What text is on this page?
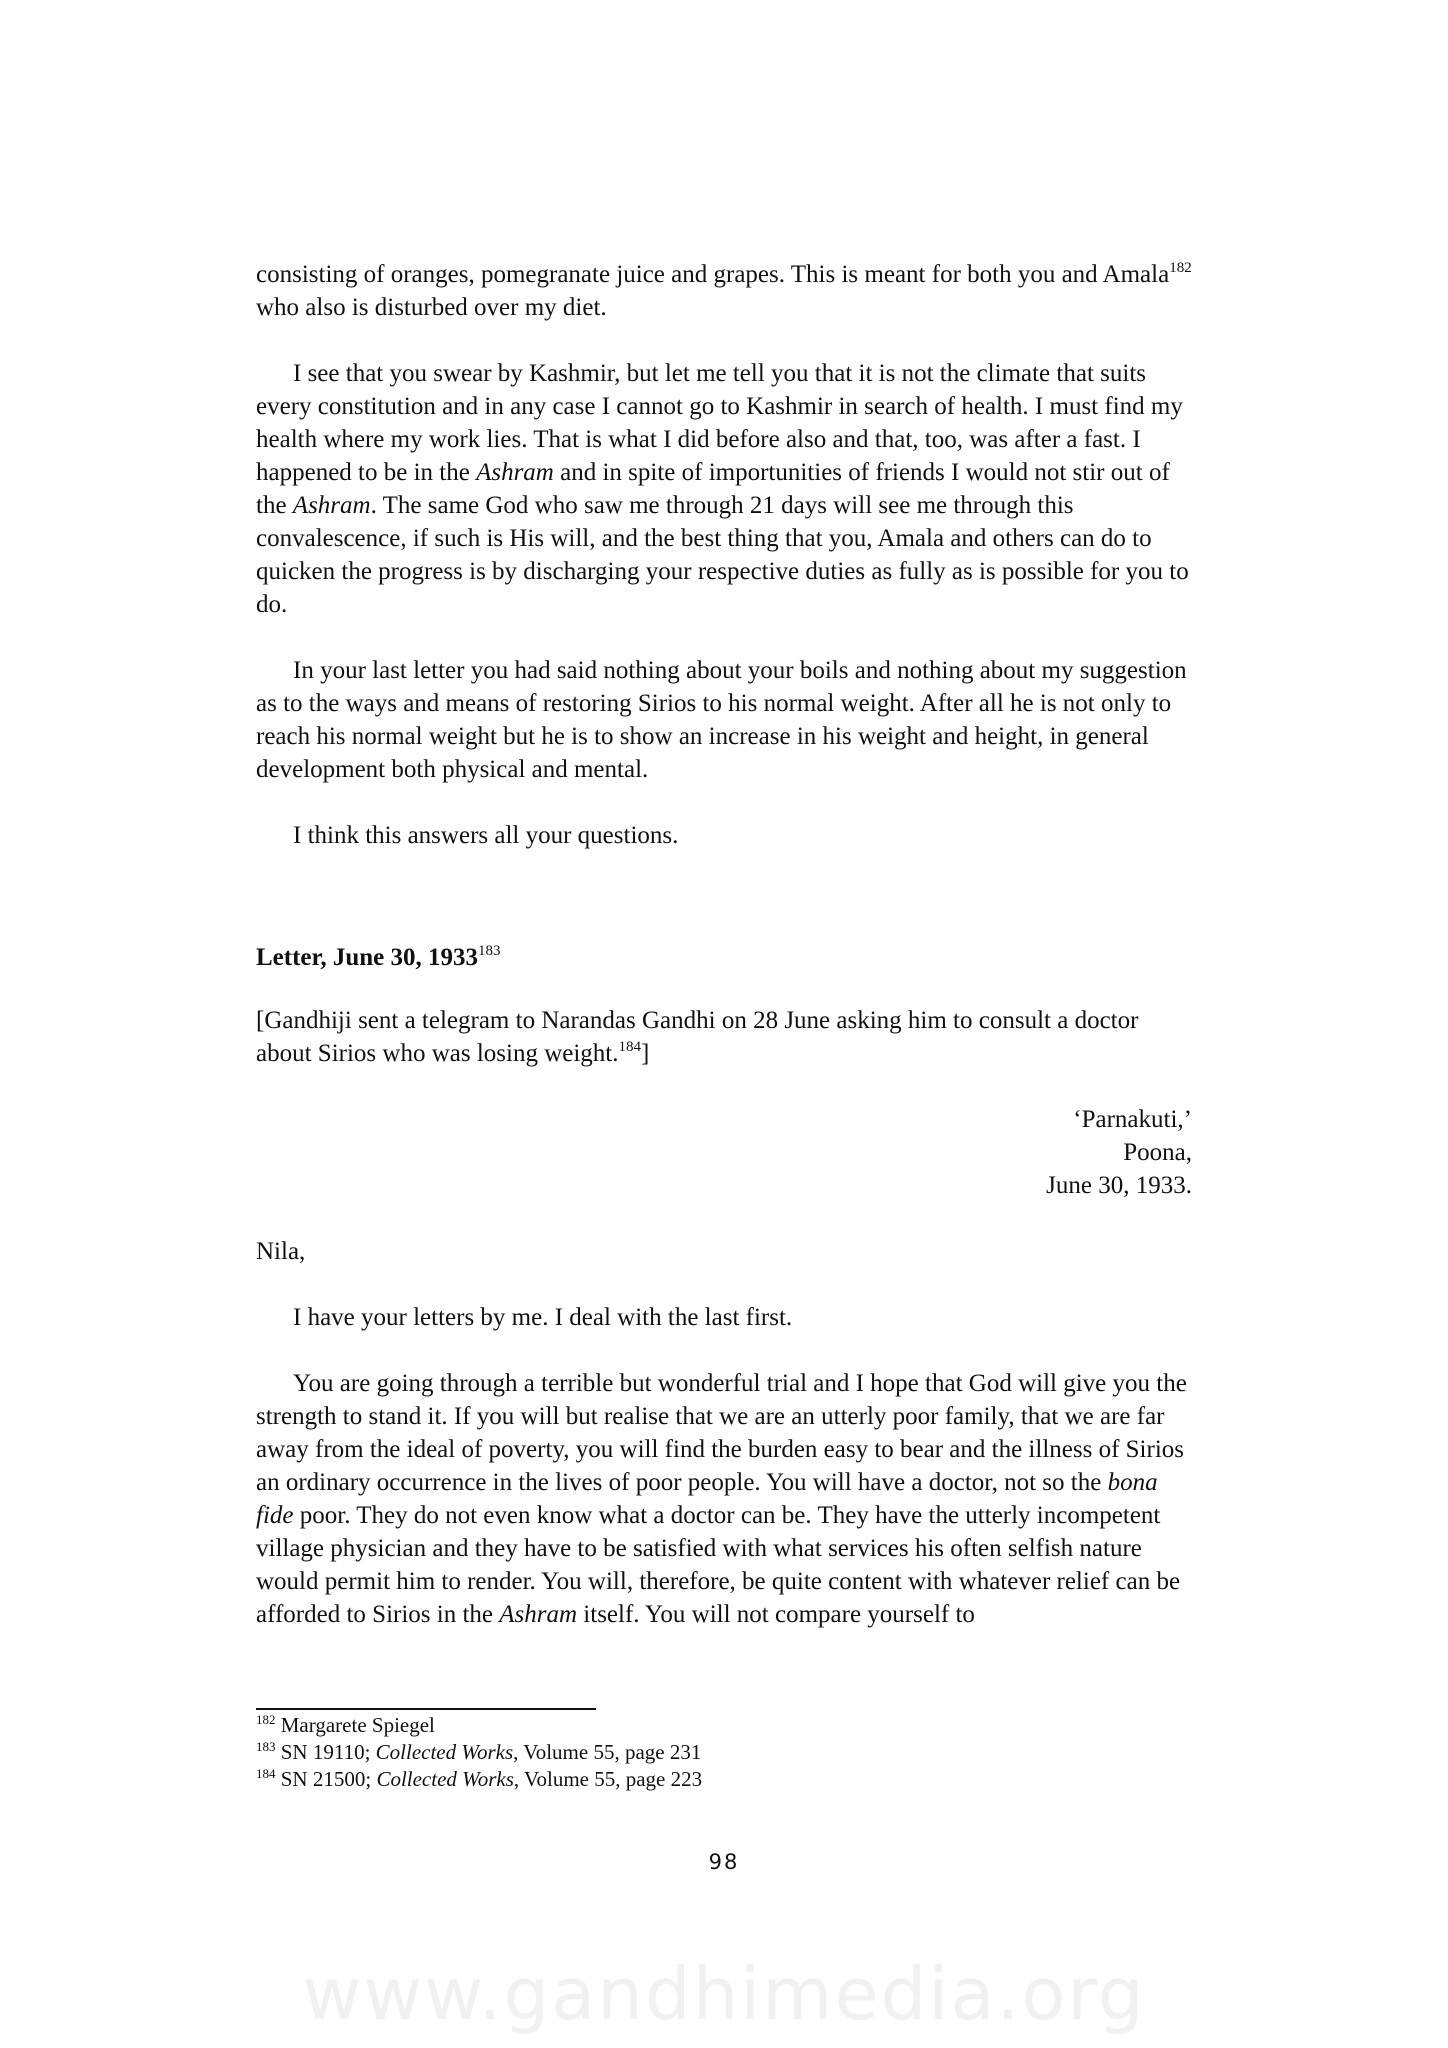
consisting of oranges, pomegranate juice and grapes. This is meant for both you and Amala$^{182}$ who also is disturbed over my diet.

I see that you swear by Kashmir, but let me tell you that it is not the climate that suits every constitution and in any case I cannot go to Kashmir in search of health. I must find my health where my work lies. That is what I did before also and that, too, was after a fast. I happened to be in the Ashram and in spite of importunities of friends I would not stir out of the Ashram. The same God who saw me through 21 days will see me through this convalescence, if such is His will, and the best thing that you, Amala and others can do to quicken the progress is by discharging your respective duties as fully as is possible for you to do.

In your last letter you had said nothing about your boils and nothing about my suggestion as to the ways and means of restoring Sirios to his normal weight. After all he is not only to reach his normal weight but he is to show an increase in his weight and height, in general development both physical and mental.

I think this answers all your questions.

Letter, June 30, 1933$^{183}$

[Gandhiji sent a telegram to Narandas Gandhi on 28 June asking him to consult a doctor about Sirios who was losing weight.$^{184}$]

‘Parnakuti,’
Poona,
June 30, 1933.

Nila,

I have your letters by me. I deal with the last first.

You are going through a terrible but wonderful trial and I hope that God will give you the strength to stand it. If you will but realise that we are an utterly poor family, that we are far away from the ideal of poverty, you will find the burden easy to bear and the illness of Sirios an ordinary occurrence in the lives of poor people. You will have a doctor, not so the bona fide poor. They do not even know what a doctor can be. They have the utterly incompetent village physician and they have to be satisfied with what services his often selfish nature would permit him to render. You will, therefore, be quite content with whatever relief can be afforded to Sirios in the Ashram itself. You will not compare yourself to

$^{182}$ Margarete Spiegel
$^{183}$ SN 19110; Collected Works, Volume 55, page 231
$^{184}$ SN 21500; Collected Works, Volume 55, page 223
98
www.gandhimedia.org
